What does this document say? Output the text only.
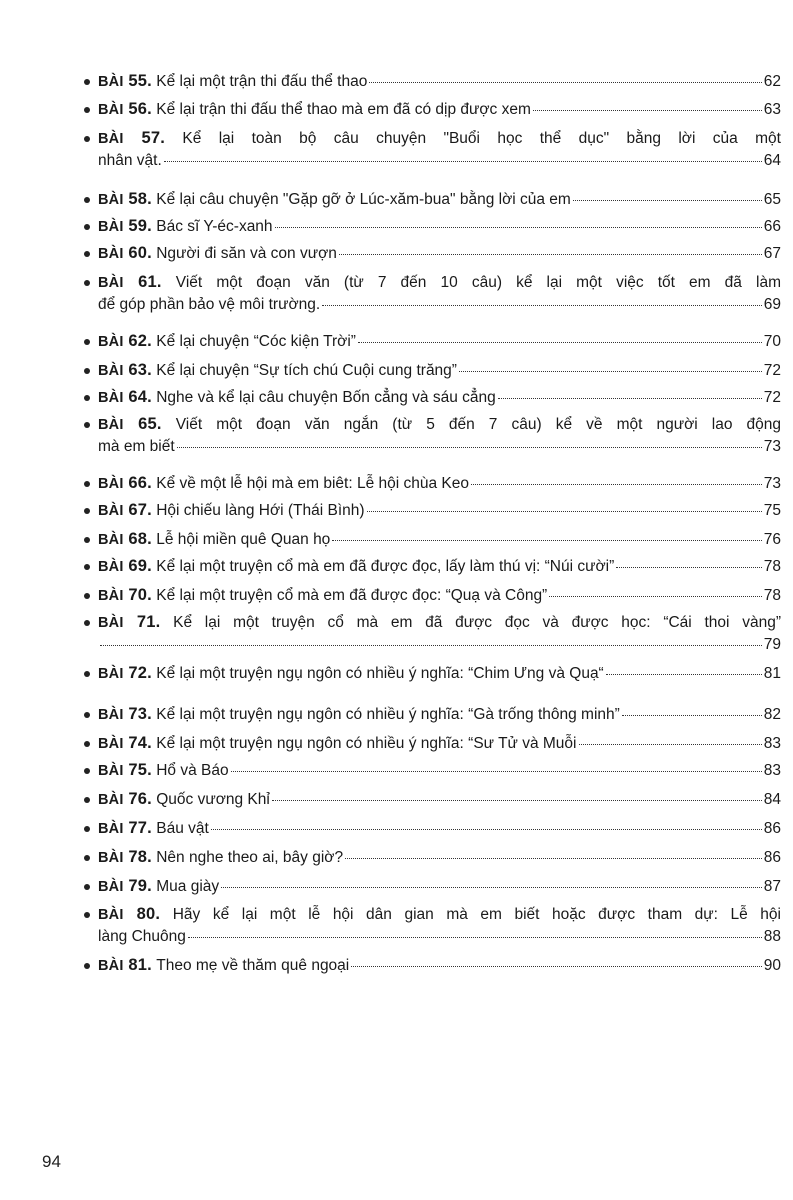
BÀI 55.
Kể lại một trận thi đấu thể thao	62
BÀI 56.
Kể lại trận thi đấu thể thao mà em đã có dịp được xem	63
BÀI 57. Kể lại toàn bộ câu chuyện "Buổi học thể dục" bằng lời của một
nhân vật.	64
BÀI 58.
Kể lại câu chuyện "Gặp gỡ ở Lúc-xăm-bua" bằng lời của em	65
BÀI 59.
Bác sĩ Y-éc-xanh	66
BÀI 60.
Người đi săn và con vượn	67
BÀI 61. Viết một đoạn văn (từ 7 đến 10 câu) kể lại một việc tốt em đã làm
để góp phần bảo vệ môi trường.	69
BÀI 62.
Kể lại chuyện “Cóc kiện Trời”	70
BÀI 63.
Kể lại chuyện “Sự tích chú Cuội cung trăng”	72
BÀI 64.
Nghe và kể lại câu chuyện Bốn cẳng và sáu cẳng	72
BÀI 65. Viết một đoạn văn ngắn (từ 5 đến 7 câu) kể về một người lao động
mà em biết	73
BÀI 66.
Kể về một lễ hội mà em biêt: Lễ hội chùa Keo	73
BÀI 67.
Hội chiếu làng Hới (Thái Bình)	75
BÀI 68.
Lễ hội miền quê Quan họ	76
BÀI 69.
Kể lại một truyện cổ mà em đã được đọc, lấy làm thú vị: “Núi cười”	78
BÀI 70.
Kể lại một truyện cổ mà em đã được đọc: “Quạ và Công”	78
BÀI 71. Kể lại một truyện cổ mà em đã được đọc và được học: “Cái thoi vàng”
79
BÀI 72.
Kể lại một truyện ngụ ngôn có nhiều ý nghĩa: “Chim Ưng và Quạ“	81
BÀI 73.
Kể lại một truyện ngụ ngôn có nhiều ý nghĩa: “Gà trống thông minh”	82
BÀI 74.
Kể lại một truyện ngụ ngôn có nhiều ý nghĩa: “Sư Tử và Muỗi	83
BÀI 75.
Hổ và Báo	83
BÀI 76.
Quốc vương Khỉ	84
BÀI 77.
Báu vật	86
BÀI 78.
Nên nghe theo ai, bây giờ?	86
BÀI 79.
Mua giày	87
BÀI 80. Hãy kể lại một lễ hội dân gian mà em biết hoặc được tham dự: Lễ hội
làng Chuông	88
BÀI 81.
Theo mẹ về thăm quê ngoại	90
94
